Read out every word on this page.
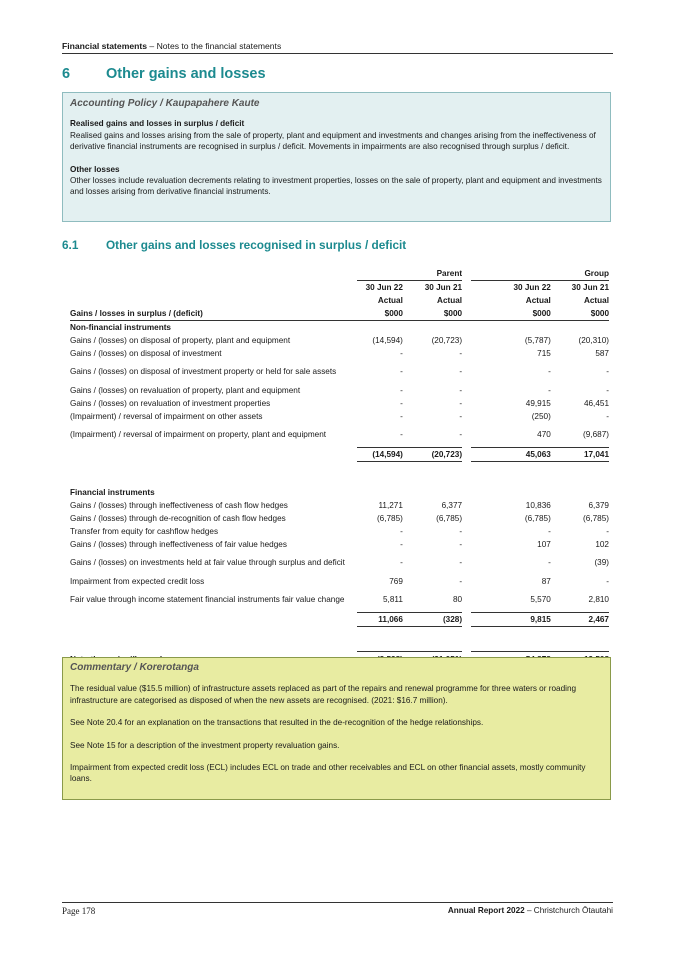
Financial statements – Notes to the financial statements
6 Other gains and losses
Accounting Policy / Kaupapahere Kaute
Realised gains and losses in surplus / deficit
Realised gains and losses arising from the sale of property, plant and equipment and investments and changes arising from the ineffectiveness of derivative financial instruments are recognised in surplus / deficit. Movements in impairments are also recognised through surplus / deficit.
Other losses
Other losses include revaluation decrements relating to investment properties, losses on the sale of property, plant and equipment and investments and losses arising from derivative financial instruments.
6.1 Other gains and losses recognised in surplus / deficit
		Parent			Group
	30 Jun 22	30 Jun 21		30 Jun 22	30 Jun 21
	Actual	Actual		Actual	Actual
Gains / losses in surplus / (deficit)	$000	$000		$000	$000
Non-financial instruments					
Gains / (losses) on disposal of property, plant and equipment	(14,594)	(20,723)		(5,787)	(20,310)
Gains / (losses) on disposal of investment	-	-		715	587
Gains / (losses) on disposal of investment property or held for sale assets	-	-		-	-
Gains / (losses) on revaluation of property, plant and equipment	-	-		-	-
Gains / (losses) on revaluation of investment properties	-	-		49,915	46,451
(Impairment) / reversal of impairment on other assets	-	-		(250)	-
(Impairment) / reversal of impairment on property, plant and equipment	-	-		470	(9,687)
	(14,594)	(20,723)		45,063	17,041

Financial instruments					
Gains / (losses) through ineffectiveness of cash flow hedges	11,271	6,377		10,836	6,379
Gains / (losses) through de-recognition of cash flow hedges	(6,785)	(6,785)		(6,785)	(6,785)
Transfer from equity for cashflow hedges	-	-		-	-
Gains / (losses) through ineffectiveness of fair value hedges	-	-		107	102
Gains / (losses) on investments held at fair value through surplus and deficit	-	-		-	(39)
Impairment from expected credit loss	769	-		87	-
Fair value through income statement financial instruments fair value change	5,811	80		5,570	2,810
	11,066	(328)		9,815	2,467

Commentary / Korerotanga
The residual value ($15.5 million) of infrastructure assets replaced as part of the repairs and renewal programme for three waters or roading infrastructure are categorised as disposed of when the new assets are recognised. (2021: $16.7 million).
See Note 20.4 for an explanation on the transactions that resulted in the de-recognition of the hedge relationships.
See Note 15 for a description of the investment property revaluation gains.
Impairment from expected credit loss (ECL) includes ECL on trade and other receivables and ECL on other financial assets, mostly community loans.
Page 178	Annual Report 2022 – Christchurch Ōtautahi
